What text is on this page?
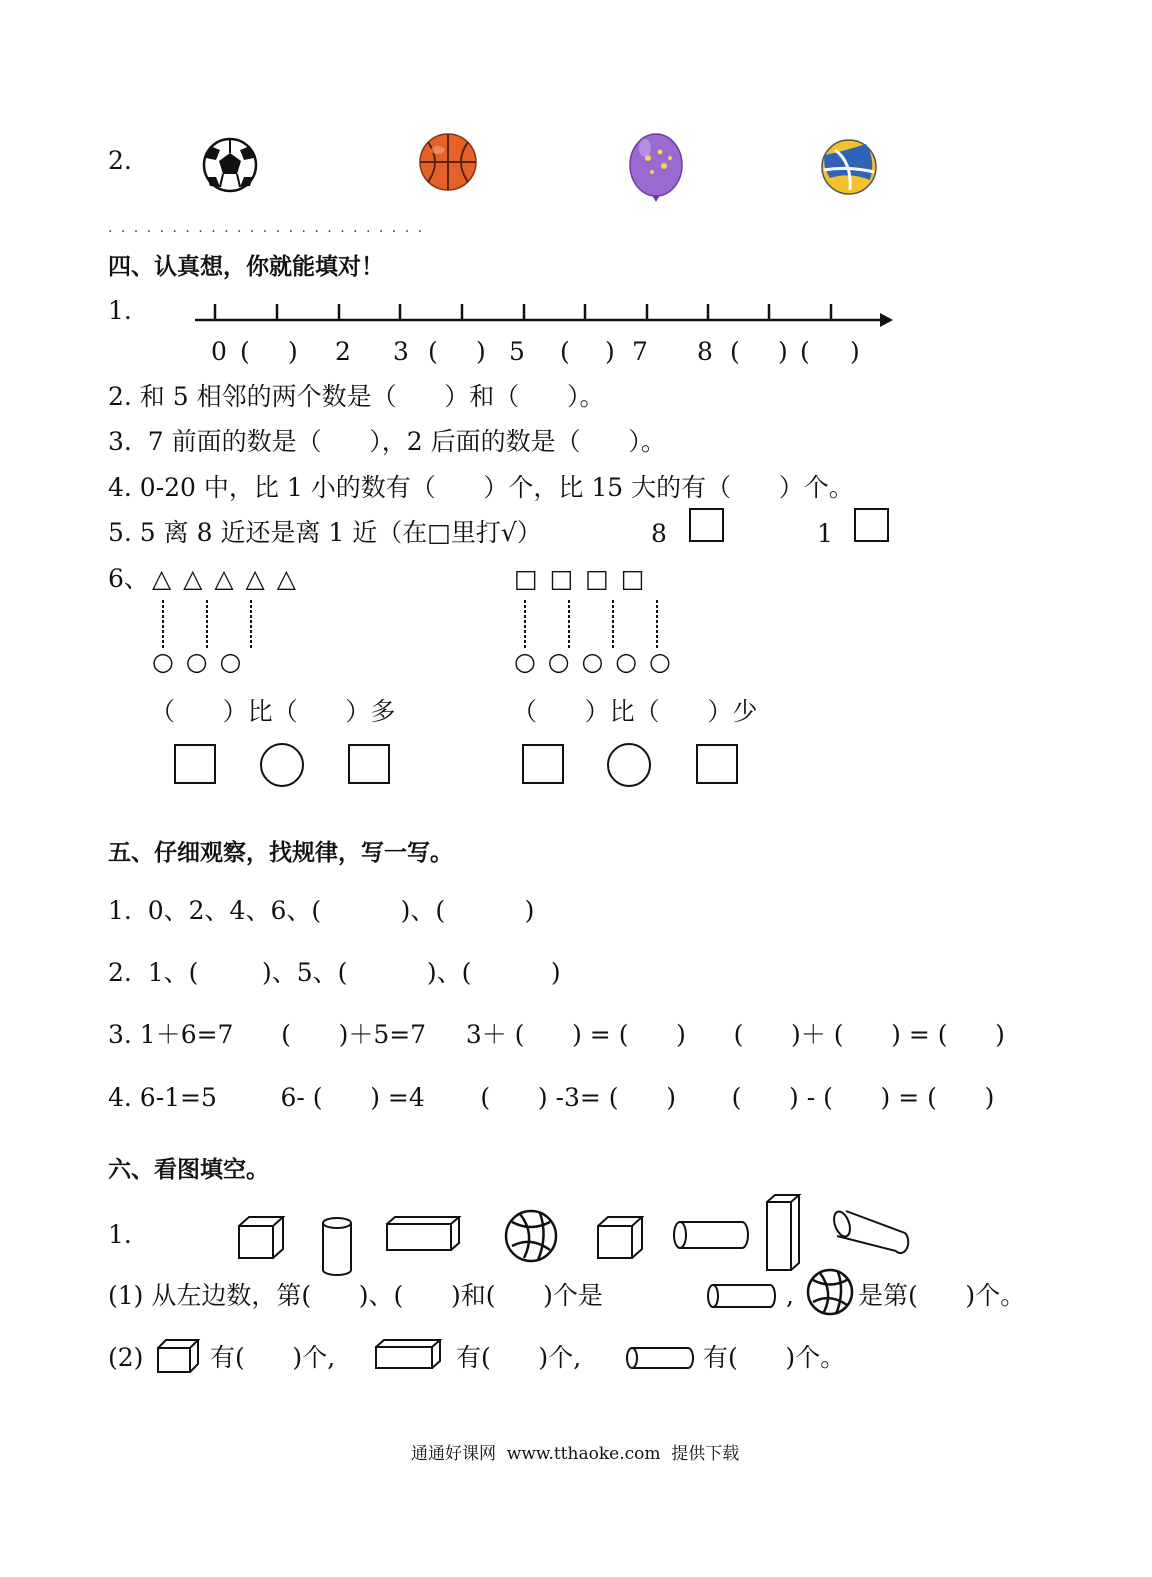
2.
. . . . . . . . . . . . . . . . . . . . . . . . .
四、认真想，你就能填对！
1.
0 ( ) 2 3 ( ) 5 ( ) 7 8 ( ) ( )
2. 和 5 相邻的两个数是（      ）和（      ）。
3.  7 前面的数是（      ），2 后面的数是（      ）。
4. 0-20 中，比 1 小的数有（      ）个，比 15 大的有（      ）个。
5. 5 离 8 近还是离 1 近（在□里打√）	8	1
6、 △ △ △ △ △	□ □ □ □
○ ○ ○	○ ○ ○ ○ ○
（      ）比（      ）多	（      ）比（      ）少
五、仔细观察，找规律，写一写。
1.  0、2、4、6、(          )、(          )
2.  1、(        )、5、(          )、(          )
3. 1＋6=7      (      )＋5=7     3＋ (      ) = (      )      (      )＋ (      ) = (      )
4. 6-1=5        6- (      ) =4       (      ) -3= (      )       (      ) - (      ) = (      )
六、看图填空。
1.
(1) 从左边数，第(      )、(      )和(      )个是	,	是第(      )个。
(2)	有(      )个,	有(      )个,	有(      )个。
通通好课网  www.tthaoke.com  提供下载
